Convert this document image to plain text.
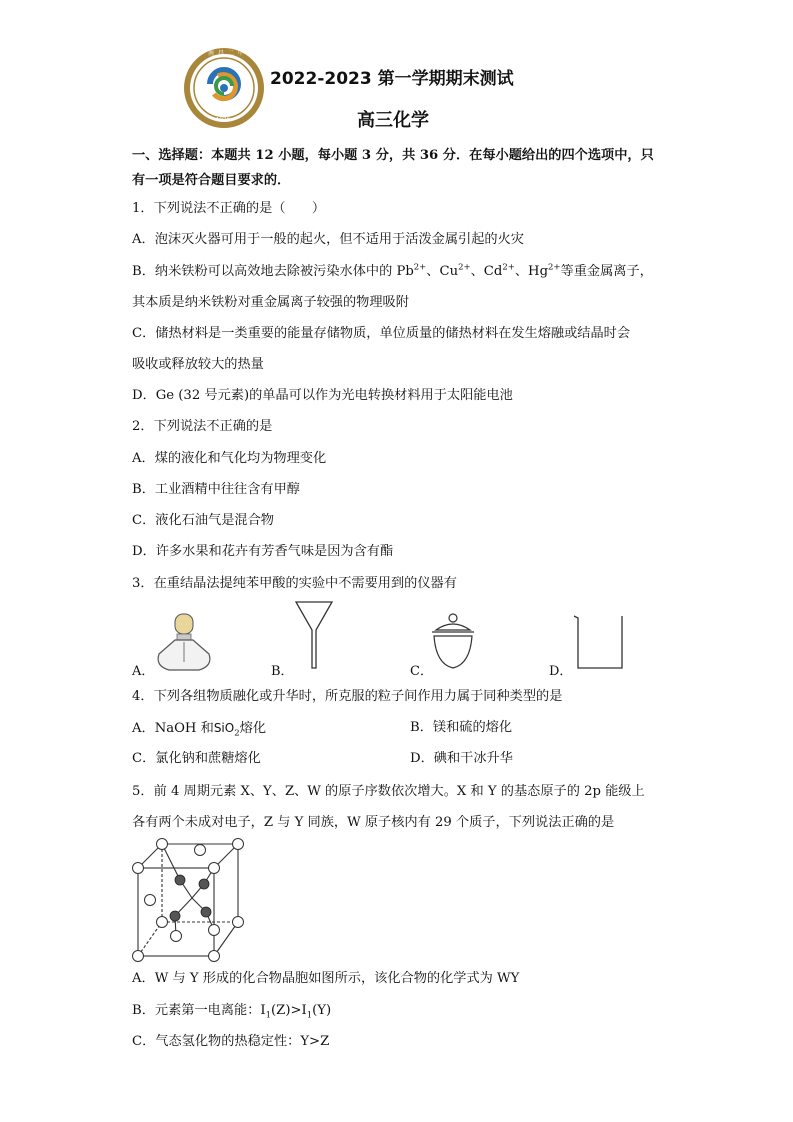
南昌二中
1976
2022-2023 第一学期期末测试
高三化学
一、选择题：本题共 12 小题，每小题 3 分，共 36 分．在每小题给出的四个选项中，只
有一项是符合题目要求的．
1．下列说法不正确的是（　　）
A．泡沫灭火器可用于一般的起火，但不适用于活泼金属引起的火灾
B．纳米铁粉可以高效地去除被污染水体中的 $Pb^{2+}$、$Cu^{2+}$、$Cd^{2+}$、$Hg^{2+}$等重金属离子，
其本质是纳米铁粉对重金属离子较强的物理吸附
C．储热材料是一类重要的能量存储物质，单位质量的储热材料在发生熔融或结晶时会
吸收或释放较大的热量
D．Ge (32 号元素)的单晶可以作为光电转换材料用于太阳能电池
2．下列说法不正确的是
A．煤的液化和气化均为物理变化
B．工业酒精中往往含有甲醇
C．液化石油气是混合物
D．许多水果和花卉有芳香气味是因为含有酯
3．在重结晶法提纯苯甲酸的实验中不需要用到的仪器有
A．	B．	C．	D．
4．下列各组物质融化或升华时，所克服的粒子间作用力属于同种类型的是
A．NaOH 和SiO$_2$熔化	B．镁和硫的熔化
C．氯化钠和蔗糖熔化	D．碘和干冰升华
5．前 4 周期元素 X、Y、Z、W 的原子序数依次增大。X 和 Y 的基态原子的 2p 能级上
各有两个未成对电子，Z 与 Y 同族，W 原子核内有 29 个质子，下列说法正确的是
A．W 与 Y 形成的化合物晶胞如图所示，该化合物的化学式为 WY
B．元素第一电离能：$I_1(Z)>I_1(Y)$
C．气态氢化物的热稳定性：Y>Z
